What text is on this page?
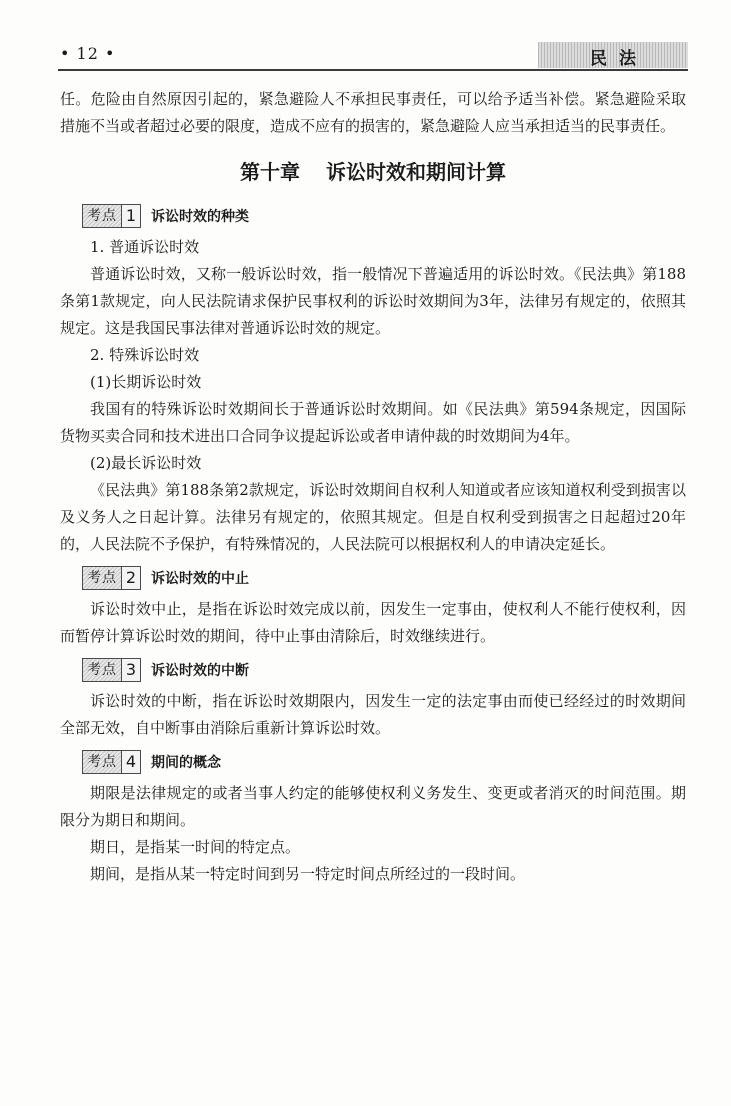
• 12 •	民法

任。危险由自然原因引起的，紧急避险人不承担民事责任，可以给予适当补偿。紧急避险采取措施不当或者超过必要的限度，造成不应有的损害的，紧急避险人应当承担适当的民事责任。

第十章 诉讼时效和期间计算
考点 1 诉讼时效的种类

1. 普通诉讼时效

普通诉讼时效，又称一般诉讼时效，指一般情况下普遍适用的诉讼时效。《民法典》第188条第1款规定，向人民法院请求保护民事权利的诉讼时效期间为3年，法律另有规定的，依照其规定。这是我国民事法律对普通诉讼时效的规定。

2. 特殊诉讼时效

(1)长期诉讼时效

我国有的特殊诉讼时效期间长于普通诉讼时效期间。如《民法典》第594条规定，因国际货物买卖合同和技术进出口合同争议提起诉讼或者申请仲裁的时效期间为4年。

(2)最长诉讼时效

《民法典》第188条第2款规定，诉讼时效期间自权利人知道或者应该知道权利受到损害以及义务人之日起计算。法律另有规定的，依照其规定。但是自权利受到损害之日起超过20年的，人民法院不予保护，有特殊情况的，人民法院可以根据权利人的申请决定延长。

考点 2 诉讼时效的中止

诉讼时效中止，是指在诉讼时效完成以前，因发生一定事由，使权利人不能行使权利，因而暂停计算诉讼时效的期间，待中止事由清除后，时效继续进行。

考点 3 诉讼时效的中断

诉讼时效的中断，指在诉讼时效期限内，因发生一定的法定事由而使已经经过的时效期间全部无效，自中断事由消除后重新计算诉讼时效。

考点 4 期间的概念

期限是法律规定的或者当事人约定的能够使权利义务发生、变更或者消灭的时间范围。期限分为期日和期间。

期日，是指某一时间的特定点。

期间，是指从某一特定时间到另一特定时间点所经过的一段时间。
